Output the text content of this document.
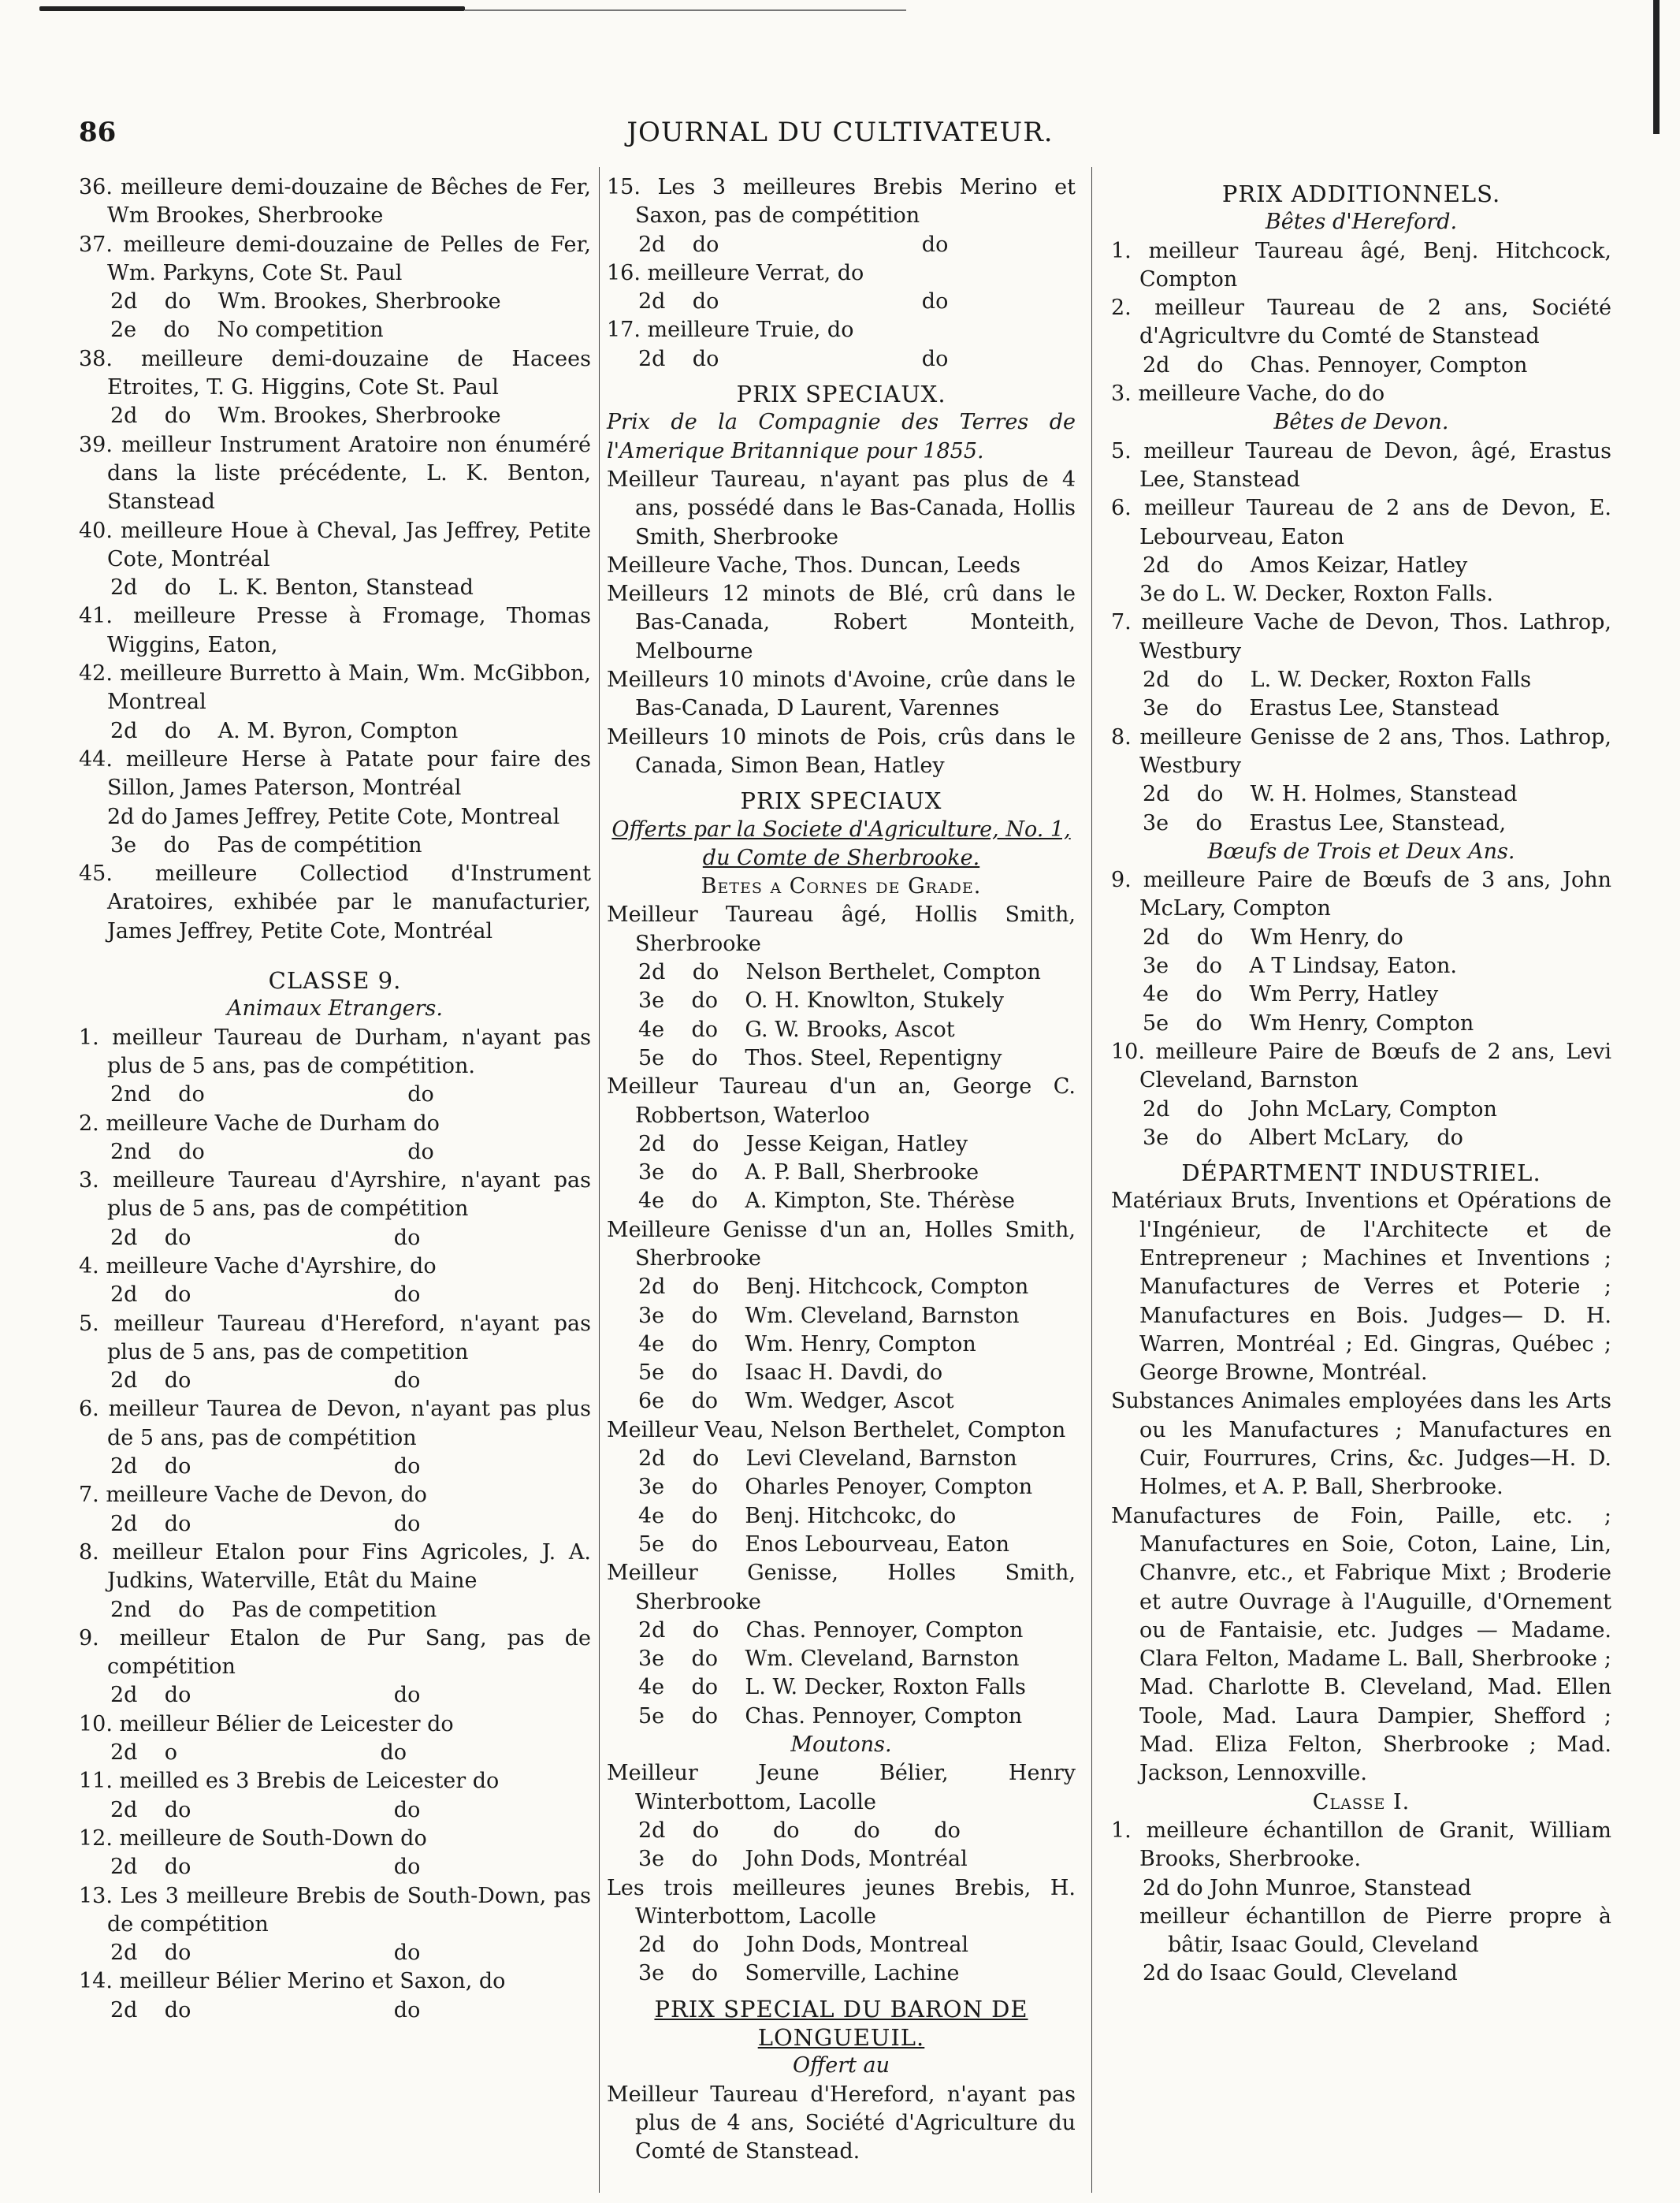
86	JOURNAL DU CULTIVATEUR.
36. meilleure demi-douzaine de Bêches de Fer, Wm Brookes, Sherbrooke
37. meilleure demi-douzaine de Pelles de Fer, Wm. Parkyns, Cote St. Paul
2d    do    Wm. Brookes, Sherbrooke
2e    do    No competition
38. meilleure demi-douzaine de Hacees Etroites, T. G. Higgins, Cote St. Paul
2d    do    Wm. Brookes, Sherbrooke
39. meilleur Instrument Aratoire non énuméré dans la liste précédente, L. K. Benton, Stanstead
40. meilleure Houe à Cheval, Jas Jeffrey, Petite Cote, Montréal
2d    do    L. K. Benton, Stanstead
41. meilleure Presse à Fromage, Thomas Wiggins, Eaton,
42. meilleure Burretto à Main, Wm. McGibbon, Montreal
2d    do    A. M. Byron, Compton
44. meilleure Herse à Patate pour faire des Sillon, James Paterson, Montréal
2d do James Jeffrey, Petite Cote, Montreal
3e    do    Pas de compétition
45. meilleure Collectiod d'Instrument Aratoires, exhibée par le manufacturier, James Jeffrey, Petite Cote, Montréal
CLASSE 9.
Animaux Etrangers.
1. meilleur Taureau de Durham, n'ayant pas plus de 5 ans, pas de compétition.
2nd    do                              do
2. meilleure Vache de Durham do
2nd    do                              do
3. meilleure Taureau d'Ayrshire, n'ayant pas plus de 5 ans, pas de compétition
2d    do                              do
4. meilleure Vache d'Ayrshire, do
2d    do                              do
5. meilleur Taureau d'Hereford, n'ayant pas plus de 5 ans, pas de competition
2d    do                              do
6. meilleur Taurea de Devon, n'ayant pas plus de 5 ans, pas de compétition
2d    do                              do
7. meilleure Vache de Devon, do
2d    do                              do
8. meilleur Etalon pour Fins Agricoles, J. A. Judkins, Waterville, Etât du Maine
2nd    do    Pas de competition
9. meilleur Etalon de Pur Sang, pas de compétition
2d    do                              do
10. meilleur Bélier de Leicester do
2d    o                              do
11. meilled es 3 Brebis de Leicester do
2d    do                              do
12. meilleure de South-Down do
2d    do                              do
13. Les 3 meilleure Brebis de South-Down, pas de compétition
2d    do                              do
14. meilleur Bélier Merino et Saxon, do
2d    do                              do
15. Les 3 meilleures Brebis Merino et Saxon, pas de compétition
2d    do                              do
16. meilleure Verrat, do
2d    do                              do
17. meilleure Truie, do
2d    do                              do
PRIX SPECIAUX.
Prix de la Compagnie des Terres de l'Amerique Britannique pour 1855.
Meilleur Taureau, n'ayant pas plus de 4 ans, possédé dans le Bas-Canada, Hollis Smith, Sherbrooke
Meilleure Vache, Thos. Duncan, Leeds
Meilleurs 12 minots de Blé, crû dans le Bas-Canada, Robert Monteith, Melbourne
Meilleurs 10 minots d'Avoine, crûe dans le Bas-Canada, D Laurent, Varennes
Meilleurs 10 minots de Pois, crûs dans le Canada, Simon Bean, Hatley
PRIX SPECIAUX
Offerts par la Societe d'Agriculture, No. 1, du Comte de Sherbrooke.
Betes a Cornes de Grade.
Meilleur Taureau âgé, Hollis Smith, Sherbrooke
2d    do    Nelson Berthelet, Compton
3e    do    O. H. Knowlton, Stukely
4e    do    G. W. Brooks, Ascot
5e    do    Thos. Steel, Repentigny
Meilleur Taureau d'un an, George C. Robbertson, Waterloo
2d    do    Jesse Keigan, Hatley
3e    do    A. P. Ball, Sherbrooke
4e    do    A. Kimpton, Ste. Thérèse
Meilleure Genisse d'un an, Holles Smith, Sherbrooke
2d    do    Benj. Hitchcock, Compton
3e    do    Wm. Cleveland, Barnston
4e    do    Wm. Henry, Compton
5e    do    Isaac H. Davdi, do
6e    do    Wm. Wedger, Ascot
Meilleur Veau, Nelson Berthelet, Compton
2d    do    Levi Cleveland, Barnston
3e    do    Oharles Penoyer, Compton
4e    do    Benj. Hitchcokc, do
5e    do    Enos Lebourveau, Eaton
Meilleur Genisse, Holles Smith, Sherbrooke
2d    do    Chas. Pennoyer, Compton
3e    do    Wm. Cleveland, Barnston
4e    do    L. W. Decker, Roxton Falls
5e    do    Chas. Pennoyer, Compton
Moutons.
Meilleur Jeune Bélier, Henry Winterbottom, Lacolle
2d    do        do        do        do
3e    do    John Dods, Montréal
Les trois meilleures jeunes Brebis, H. Winterbottom, Lacolle
2d    do    John Dods, Montreal
3e    do    Somerville, Lachine
PRIX SPECIAL DU BARON DE LONGUEUIL.
Offert au
Meilleur Taureau d'Hereford, n'ayant pas plus de 4 ans, Société d'Agriculture du Comté de Stanstead.
PRIX ADDITIONNELS.
Bêtes d'Hereford.
1. meilleur Taureau âgé, Benj. Hitchcock, Compton
2. meilleur Taureau de 2 ans, Société d'Agricultvre du Comté de Stanstead
2d    do    Chas. Pennoyer, Compton
3. meilleure Vache, do do
Bêtes de Devon.
5. meilleur Taureau de Devon, âgé, Erastus Lee, Stanstead
6. meilleur Taureau de 2 ans de Devon, E. Lebourveau, Eaton
2d    do    Amos Keizar, Hatley
3e do L. W. Decker, Roxton Falls.
7. meilleure Vache de Devon, Thos. Lathrop, Westbury
2d    do    L. W. Decker, Roxton Falls
3e    do    Erastus Lee, Stanstead
8. meilleure Genisse de 2 ans, Thos. Lathrop, Westbury
2d    do    W. H. Holmes, Stanstead
3e    do    Erastus Lee, Stanstead,
Bœufs de Trois et Deux Ans.
9. meilleure Paire de Bœufs de 3 ans, John McLary, Compton
2d    do    Wm Henry, do
3e    do    A T Lindsay, Eaton.
4e    do    Wm Perry, Hatley
5e    do    Wm Henry, Compton
10. meilleure Paire de Bœufs de 2 ans, Levi Cleveland, Barnston
2d    do    John McLary, Compton
3e    do    Albert McLary,    do
DÉPARTMENT INDUSTRIEL.
Matériaux Bruts, Inventions et Opérations de l'Ingénieur, de l'Architecte et de Entrepreneur ; Machines et Inventions ; Manufactures de Verres et Poterie ; Manufactures en Bois. Judges— D. H. Warren, Montréal ; Ed. Gingras, Québec ; George Browne, Montréal.
Substances Animales employées dans les Arts ou les Manufactures ; Manufactures en Cuir, Fourrures, Crins, &c. Judges—H. D. Holmes, et A. P. Ball, Sherbrooke.
Manufactures de Foin, Paille, etc. ; Manufactures en Soie, Coton, Laine, Lin, Chanvre, etc., et Fabrique Mixt ; Broderie et autre Ouvrage à l'Auguille, d'Ornement ou de Fantaisie, etc. Judges — Madame. Clara Felton, Madame L. Ball, Sherbrooke ; Mad. Charlotte B. Cleveland, Mad. Ellen Toole, Mad. Laura Dampier, Shefford ; Mad. Eliza Felton, Sherbrooke ; Mad. Jackson, Lennoxville.
Classe I.
1. meilleure échantillon de Granit, William Brooks, Sherbrooke.
2d do John Munroe, Stanstead
meilleur échantillon de Pierre propre à bâtir, Isaac Gould, Cleveland
2d do Isaac Gould, Cleveland
